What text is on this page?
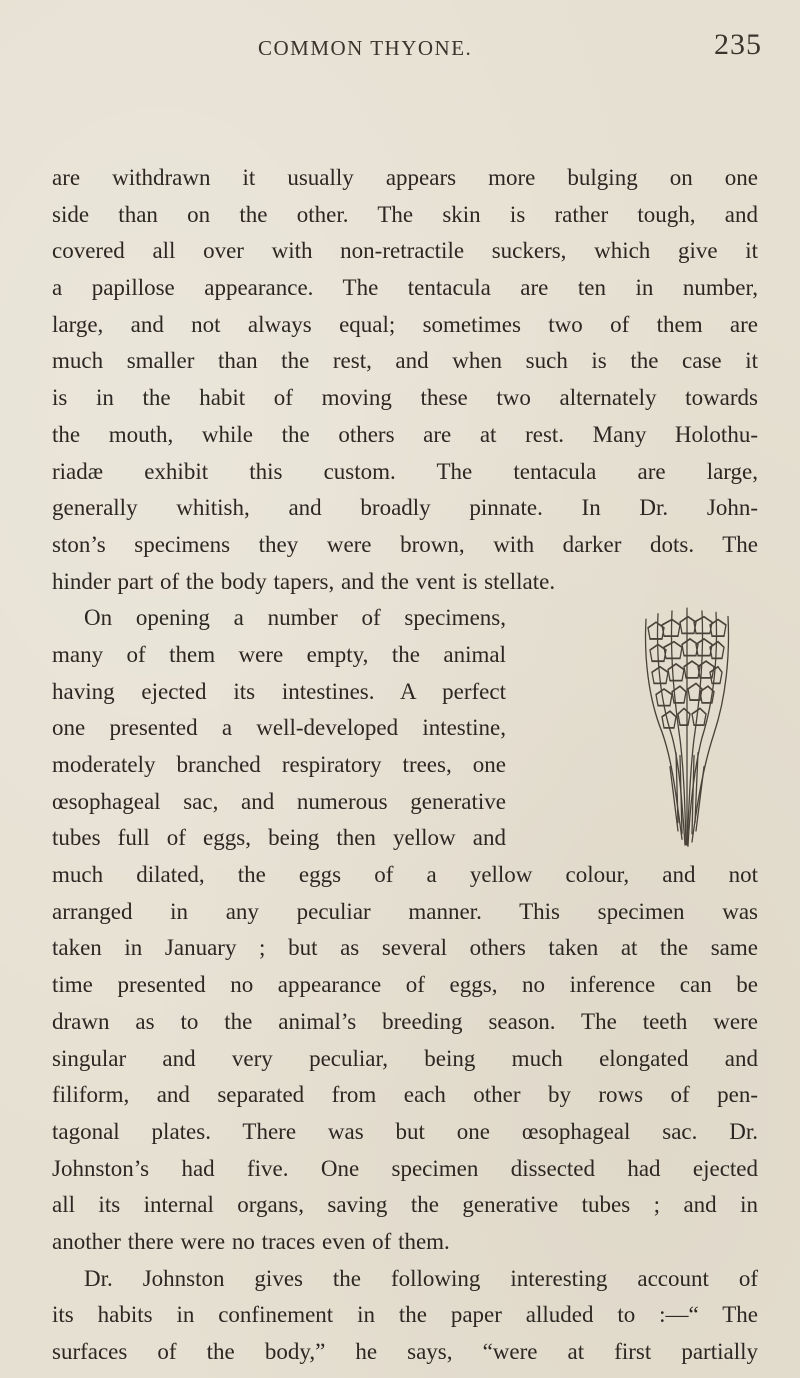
COMMON THYONE.	235
are withdrawn it usually appears more bulging on one
side than on the other. The skin is rather tough, and
covered all over with non-retractile suckers, which give it
a papillose appearance. The tentacula are ten in number,
large, and not always equal; sometimes two of them are
much smaller than the rest, and when such is the case it
is in the habit of moving these two alternately towards
the mouth, while the others are at rest. Many Holothu-
riadæ exhibit this custom. The tentacula are large,
generally whitish, and broadly pinnate. In Dr. John-
ston’s specimens they were brown, with darker dots. The
hinder part of the body tapers, and the vent is stellate.
On opening a number of specimens,
many of them were empty, the animal
having ejected its intestines. A perfect
one presented a well-developed intestine,
moderately branched respiratory trees, one
œsophageal sac, and numerous generative
tubes full of eggs, being then yellow and
much dilated, the eggs of a yellow colour, and not
arranged in any peculiar manner. This specimen was
taken in January ; but as several others taken at the same
time presented no appearance of eggs, no inference can be
drawn as to the animal’s breeding season. The teeth were
singular and very peculiar, being much elongated and
filiform, and separated from each other by rows of pen-
tagonal plates. There was but one œsophageal sac. Dr.
Johnston’s had five. One specimen dissected had ejected
all its internal organs, saving the generative tubes ; and in
another there were no traces even of them.
Dr. Johnston gives the following interesting account of
its habits in confinement in the paper alluded to :—“ The
surfaces of the body,” he says, “were at first partially
